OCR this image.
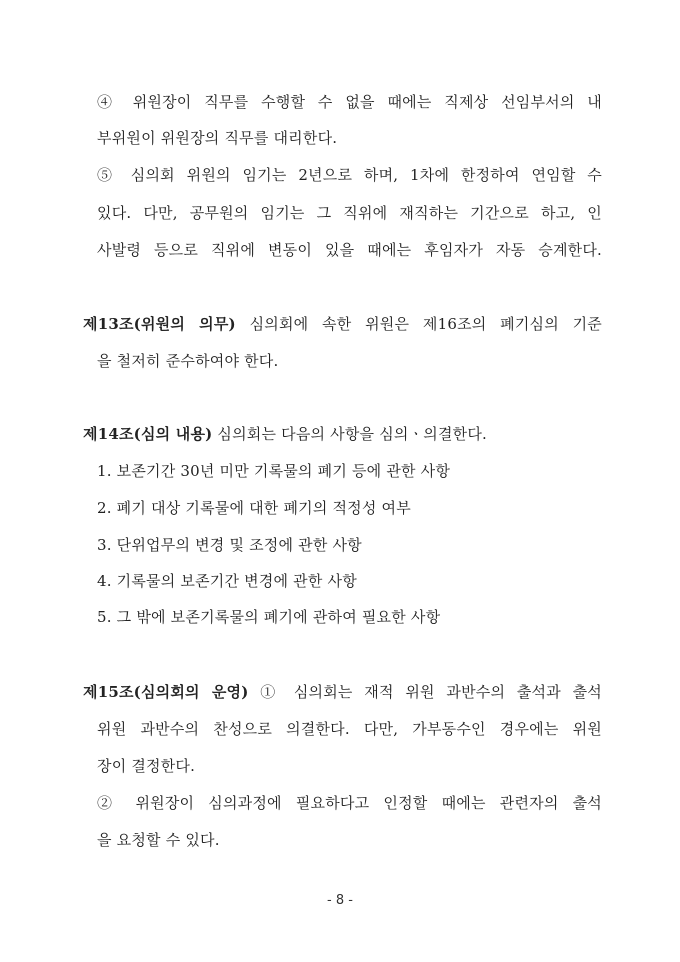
④ 위원장이 직무를 수행할 수 없을 때에는 직제상 선임부서의 내

부위원이 위원장의 직무를 대리한다.

⑤ 심의회 위원의 임기는 2년으로 하며, 1차에 한정하여 연임할 수

있다. 다만, 공무원의 임기는 그 직위에 재직하는 기간으로 하고, 인

사발령 등으로 직위에 변동이 있을 때에는 후임자가 자동 승계한다.

제13조(위원의 의무) 심의회에 속한 위원은 제16조의 폐기심의 기준

을 철저히 준수하여야 한다.

제14조(심의 내용) 심의회는 다음의 사항을 심의ㆍ의결한다.

1. 보존기간 30년 미만 기록물의 폐기 등에 관한 사항

2. 폐기 대상 기록물에 대한 폐기의 적정성 여부

3. 단위업무의 변경 및 조정에 관한 사항

4. 기록물의 보존기간 변경에 관한 사항

5. 그 밖에 보존기록물의 폐기에 관하여 필요한 사항

제15조(심의회의 운영) ① 심의회는 재적 위원 과반수의 출석과 출석

위원 과반수의 찬성으로 의결한다. 다만, 가부동수인 경우에는 위원

장이 결정한다.

② 위원장이 심의과정에 필요하다고 인정할 때에는 관련자의 출석

을 요청할 수 있다.

- 8 -
